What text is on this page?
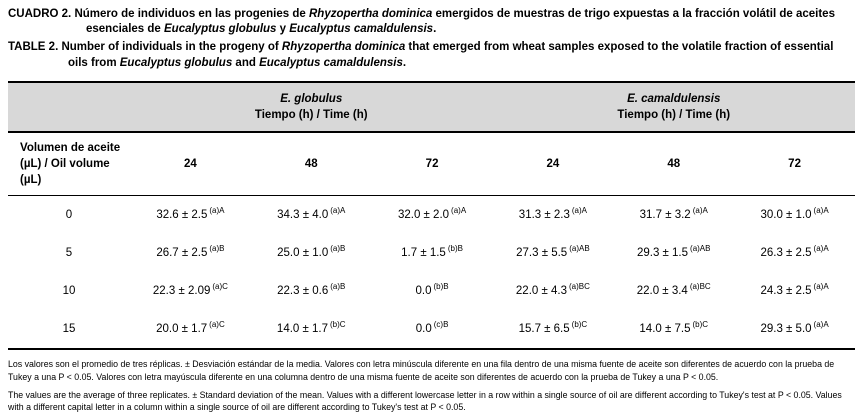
CUADRO 2. Número de individuos en las progenies de Rhyzopertha dominica emergidos de muestras de trigo expuestas a la fracción volátil de aceites esenciales de Eucalyptus globulus y Eucalyptus camaldulensis.
TABLE 2. Number of individuals in the progeny of Rhyzopertha dominica that emerged from wheat samples exposed to the volatile fraction of essential oils from Eucalyptus globulus and Eucalyptus camaldulensis.

E. globulus
Tiempo (h) / Time (h)

E. camaldulensis
Tiempo (h) / Time (h)

Volumen de aceite (µL) / Oil volume (µL)	24	48	72	24	48	72
0	32.6 ± 2.5 $^{(a)A}$	34.3 ± 4.0 $^{(a)A}$	32.0 ± 2.0 $^{(a)A}$	31.3 ± 2.3 $^{(a)A}$	31.7 ± 3.2 $^{(a)A}$	30.0 ± 1.0 $^{(a)A}$
5	26.7 ± 2.5 $^{(a)B}$	25.0 ± 1.0 $^{(a)B}$	1.7 ± 1.5 $^{(b)B}$	27.3 ± 5.5 $^{(a)AB}$	29.3 ± 1.5 $^{(a)AB}$	26.3 ± 2.5 $^{(a)A}$
10	22.3 ± 2.09 $^{(a)C}$	22.3 ± 0.6 $^{(a)B}$	0.0 $^{(b)B}$	22.0 ± 4.3 $^{(a)BC}$	22.0 ± 3.4 $^{(a)BC}$	24.3 ± 2.5 $^{(a)A}$
15	20.0 ± 1.7 $^{(a)C}$	14.0 ± 1.7 $^{(b)C}$	0.0 $^{(c)B}$	15.7 ± 6.5 $^{(b)C}$	14.0 ± 7.5 $^{(b)C}$	29.3 ± 5.0 $^{(a)A}$

Los valores son el promedio de tres réplicas. ± Desviación estándar de la media. Valores con letra minúscula diferente en una fila dentro de una misma fuente de aceite son diferentes de acuerdo con la prueba de Tukey a una P < 0.05. Valores con letra mayúscula diferente en una columna dentro de una misma fuente de aceite son diferentes de acuerdo con la prueba de Tukey a una P < 0.05.

The values are the average of three replicates. ± Standard deviation of the mean. Values with a different lowercase letter in a row within a single source of oil are different according to Tukey's test at P < 0.05. Values with a different capital letter in a column within a single source of oil are different according to Tukey's test at P < 0.05.
